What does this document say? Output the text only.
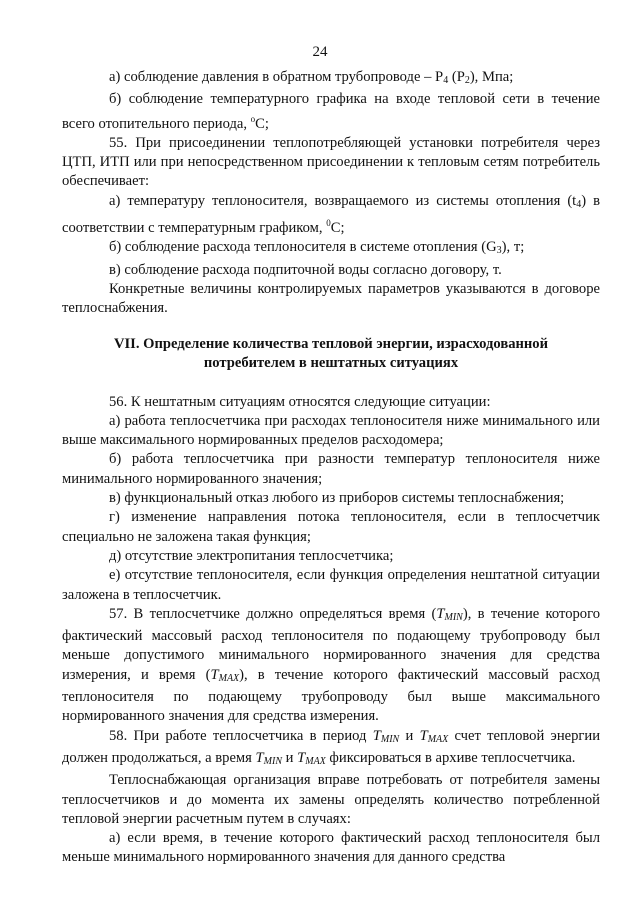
24

а) соблюдение давления в обратном трубопроводе – $P_4$ $(P_2)$, Мпа;

б) соблюдение температурного графика на входе тепловой сети в течение всего отопительного периода, $^o$C;

55. При присоединении теплопотребляющей установки потребителя через ЦТП, ИТП или при непосредственном присоединении к тепловым сетям потребитель обеспечивает:

а) температуру теплоносителя, возвращаемого из системы отопления $(t_4)$ в соответствии с температурным графиком, $^0$C;

б) соблюдение расхода теплоносителя в системе отопления $(G_3)$, т;

в) соблюдение расхода подпиточной воды согласно договору, т.

Конкретные величины контролируемых параметров указываются в договоре теплоснабжения.

VII. Определение количества тепловой энергии, израсходованной
потребителем в нештатных ситуациях

56. К нештатным ситуациям относятся следующие ситуации:

а) работа теплосчетчика при расходах теплоносителя ниже минимального или выше максимального нормированных пределов расходомера;

б) работа теплосчетчика при разности температур теплоносителя ниже минимального нормированного значения;

в) функциональный отказ любого из приборов системы теплоснабжения;

г) изменение направления потока теплоносителя, если в теплосчетчик специально не заложена такая функция;

д) отсутствие электропитания теплосчетчика;

е) отсутствие теплоносителя, если функция определения нештатной ситуации заложена в теплосчетчик.

57. В теплосчетчике должно определяться время $(T_{MIN})$, в течение которого фактический массовый расход теплоносителя по подающему трубопроводу был меньше допустимого минимального нормированного значения для средства измерения, и время $(T_{MAX})$, в течение которого фактический массовый расход теплоносителя по подающему трубопроводу был выше максимального нормированного значения для средства измерения.

58. При работе теплосчетчика в период $T_{MIN}$ и $T_{MAX}$ счет тепловой энергии должен продолжаться, а время $T_{MIN}$ и $T_{MAX}$ фиксироваться в архиве теплосчетчика.

Теплоснабжающая организация вправе потребовать от потребителя замены теплосчетчиков и до момента их замены определять количество потребленной тепловой энергии расчетным путем в случаях:

а) если время, в течение которого фактический расход теплоносителя был меньше минимального нормированного значения для данного средства
